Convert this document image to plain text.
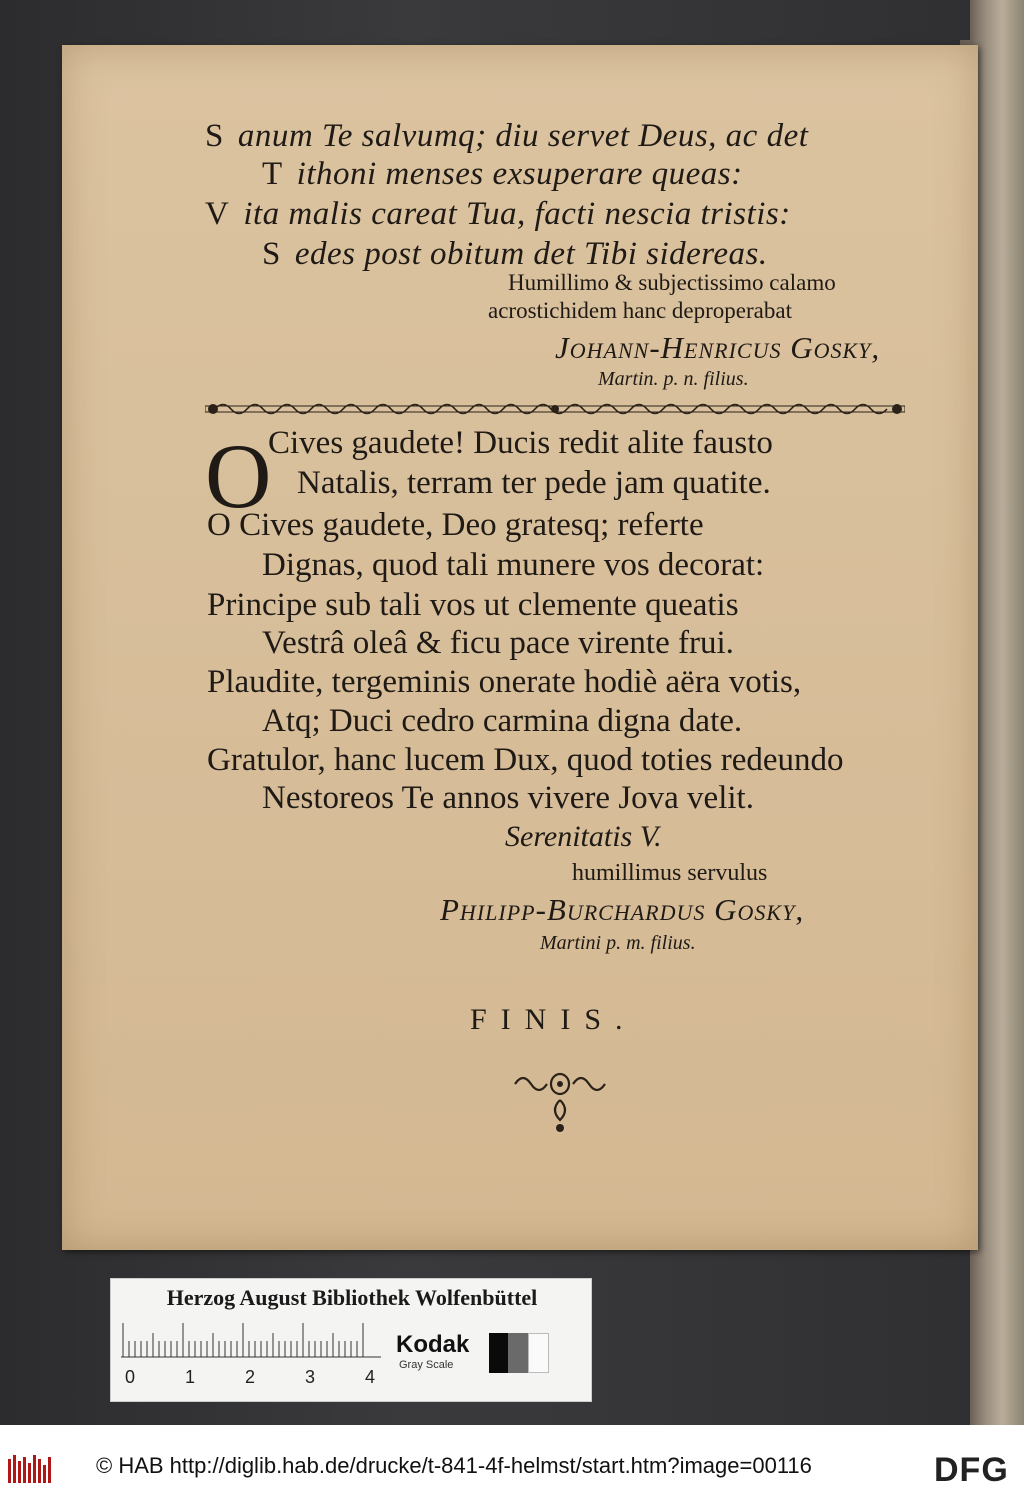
S anum Te salvumq; diu servet Deus, ac det
T ithoni menses exsuperare queas:
V ita malis careat Tua, facti nescia tristis:
S edes post obitum det Tibi sidereas.
Humillimo & subjectissimo calamo
acrostichidem hanc deproperabat
Johann-Henricus Gosky,
Martin. p. n. filius.
O
Cives gaudete! Ducis redit alite fausto
Natalis, terram ter pede jam quatite.
O Cives gaudete, Deo gratesq; referte
Dignas, quod tali munere vos decorat:
Principe sub tali vos ut clemente queatis
Vestrâ oleâ & ficu pace virente frui.
Plaudite, tergeminis onerate hodiè aëra votis,
Atq; Duci cedro carmina digna date.
Gratulor, hanc lucem Dux, quod toties redeundo
Nestoreos Te annos vivere Jova velit.
Serenitatis V.
humillimus servulus
Philipp-Burchardus Gosky,
Martini p. m. filius.
FINIS.
Herzog August Bibliothek Wolfenbüttel
0	1	2	3	4
Kodak
Gray Scale
© HAB http://diglib.hab.de/drucke/t-841-4f-helmst/start.htm?image=00116	DFG
